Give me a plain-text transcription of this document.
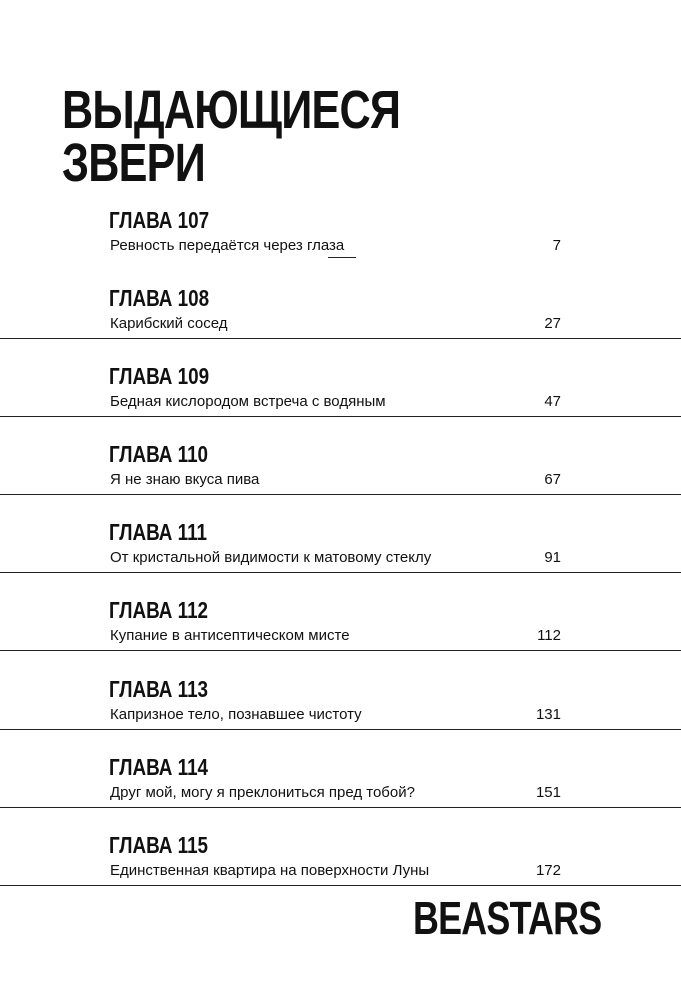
ВЫДАЮЩИЕСЯ
ЗВЕРИ
ГЛАВА 107
Ревность передаётся через глаза	7
ГЛАВА 108
Карибский сосед	27
ГЛАВА 109
Бедная кислородом встреча с водяным	47
ГЛАВА 110
Я не знаю вкуса пива	67
ГЛАВА 111
От кристальной видимости к матовому стеклу	91
ГЛАВА 112
Купание в антисептическом мисте	112
ГЛАВА 113
Капризное тело, познавшее чистоту	131
ГЛАВА 114
Друг мой, могу я преклониться пред тобой?	151
ГЛАВА 115
Единственная квартира на поверхности Луны	172
BEASTARS
